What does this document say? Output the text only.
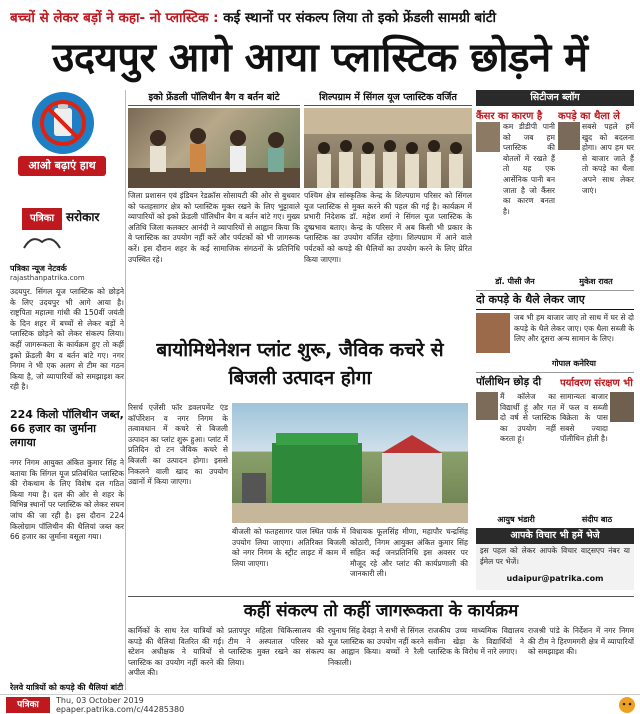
बच्चों से लेकर बड़ों ने कहा- नो प्लास्टिक : कई स्थानों पर संकल्प लिया तो इको फ्रेंडली सामग्री बांटी
उदयपुर आगे आया प्लास्टिक छोड़ने में
आओ बढ़ाएं हाथ
पत्रिका सरोकार
पत्रिका न्यूज नेटवर्क
rajasthanpatrika.com
उदयपुर. सिंगल यूज प्लास्टिक को छोड़ने के लिए उदयपुर भी आगे आया है। राष्ट्रपिता महात्मा गांधी की 150वीं जयंती के दिन शहर में बच्चों से लेकर बड़ों ने प्लास्टिक छोड़ने को लेकर संकल्प लिया। कहीं जागरूकता के कार्यक्रम हुए तो कहीं इको फ्रेंडली बैग व बर्तन बांटे गए। नगर निगम ने भी एक अलग से टीम का गठन किया है, जो व्यापारियों को समझाइश कर रही है।
224 किलो पॉलिथीन जब्त, 66 हजार का जुर्माना लगाया
नगर निगम आयुक्त अंकित कुमार सिंह ने बताया कि सिंगल यूज प्रतिबंधित प्लास्टिक की रोकथाम के लिए विशेष दल गठित किया गया है। दल की ओर से शहर के विभिन्न स्थानों पर प्लास्टिक को लेकर सघन जांच की जा रही है। इस दौरान 224 किलोग्राम पॉलिथीन की थैलियां जब्त कर 66 हजार का जुर्माना वसूला गया।
रेलवे यात्रियों को कपड़े की थैलियां बांटी
इको फ्रेंडली पॉलिथीन बैग व बर्तन बांटे
जिला प्रशासन एवं इंडियन रेडक्रॉस सोसायटी की ओर से बुधवार को फतहसागर क्षेत्र को प्लास्टिक मुक्त रखने के लिए भुट्टावाले व्यापारियों को इको फ्रेंडली पॉलिथीन बैग व बर्तन बांटे गए। मुख्य अतिथि जिला कलक्टर आनंदी ने व्यापारियों से आह्वान किया कि वे प्लास्टिक का उपयोग नहीं करें और पर्यटकों को भी जागरूक करें। इस दौरान शहर के कई सामाजिक संगठनों के प्रतिनिधि उपस्थित रहे।
शिल्पग्राम में सिंगल यूज प्लास्टिक वर्जित
पश्चिम क्षेत्र सांस्कृतिक केन्द्र के शिल्पग्राम परिसर को सिंगल यूज प्लास्टिक से मुक्त करने की पहल की गई है। कार्यक्रम में प्रभारी निदेशक डॉ. महेश शर्मा ने सिंगल यूज प्लास्टिक के दुष्प्रभाव बताए। केन्द्र के परिसर में अब किसी भी प्रकार के प्लास्टिक का उपयोग वर्जित रहेगा। शिल्पग्राम में आने वाले पर्यटकों को कपड़े की थैलियों का उपयोग करने के लिए प्रेरित किया जाएगा।
बायोमिथेनेशन प्लांट शुरू, जैविक कचरे से बिजली उत्पादन होगा
रिसर्च एजेंसी फॉर डवलपमेंट एंड कॉर्पोरेशन व नगर निगम के तत्वावधान में कचरे से बिजली उत्पादन का प्लांट शुरू हुआ। प्लांट में प्रतिदिन दो टन जैविक कचरे से बिजली का उत्पादन होगा। इससे निकलने वाली खाद का उपयोग उद्यानों में किया जाएगा।
बीजली को फतहसागर पाल स्थित पार्क में उपयोग लिया जाएगा। अतिरिक्त बिजली को नगर निगम के स्ट्रीट लाइट में काम में लिया जाएगा।
विधायक फूलसिंह मीणा, महापौर चन्द्रसिंह कोठारी, निगम आयुक्त अंकित कुमार सिंह सहित कई जनप्रतिनिधि इस अवसर पर मौजूद रहे और प्लांट की कार्यप्रणाली की जानकारी ली।
सिटीजन ब्लॉग
कैंसर का कारण है
कम डीडीपी पानी को जब हम प्लास्टिक की बोतलों में रखते हैं तो यह एक आर्सेनिक पानी बन जाता है जो कैंसर का कारण बनता है।
डॉ. पीसी जैन
कपड़े का थैला ले
सबसे पहले हमें खुद को बदलना होगा। आप हम घर से बाजार जाते हैं तो कपड़े का थैला अपने साथ लेकर जाएं।
मुकेश रावत
दो कपड़े के थैले लेकर जाए
जब भी हम बाजार जाए तो साथ में घर से दो कपड़े के थैले लेकर जाए। एक थैला सब्जी के लिए और दूसरा अन्य सामान के लिए।
गोपाल कनेरिया
पॉलीथिन छोड़ दी
मैं कॉलेज का विद्यार्थी हूं और गत दो वर्ष से प्लास्टिक का उपयोग नहीं करता हूं।
आयुष भंडारी
पर्यावरण संरक्षण भी
सामान्यतः बाजार में फल व सब्जी बिक्रेता के पास सबसे ज्यादा पॉलीथिन होती है।
संदीप बाठ
आपके विचार भी हमें भेजे
इस पहल को लेकर आपके विचार वाट्सएप नंबर या ईमेल पर भेजें।
udaipur@patrika.com
कहीं संकल्प तो कहीं जागरूकता के कार्यक्रम
कार्मिकों के साथ रेल यात्रियों को कपड़े की थैलियां वितरित की गई। स्टेशन अधीक्षक ने यात्रियों से प्लास्टिक का उपयोग नहीं करने की अपील की।
प्रतापपुर महिला चिकित्सालय की टीम ने अस्पताल परिसर को प्लास्टिक मुक्त रखने का संकल्प लिया।
रघुनाथ सिंह देवड़ा ने सभी से सिंगल यूज प्लास्टिक का उपयोग नहीं करने का आह्वान किया। बच्चों ने रैली निकाली।
राजकीय उच्च माध्यमिक विद्यालय सवीना खेड़ा के विद्यार्थियों ने प्लास्टिक के विरोध में नारे लगाए।
राजश्री पांडे के निर्देशन में नगर निगम की टीम ने हिरणमगरी क्षेत्र में व्यापारियों को समझाइश की।
पत्रिका	Thu, 03 October 2019
epaper.patrika.com/c/44285380
